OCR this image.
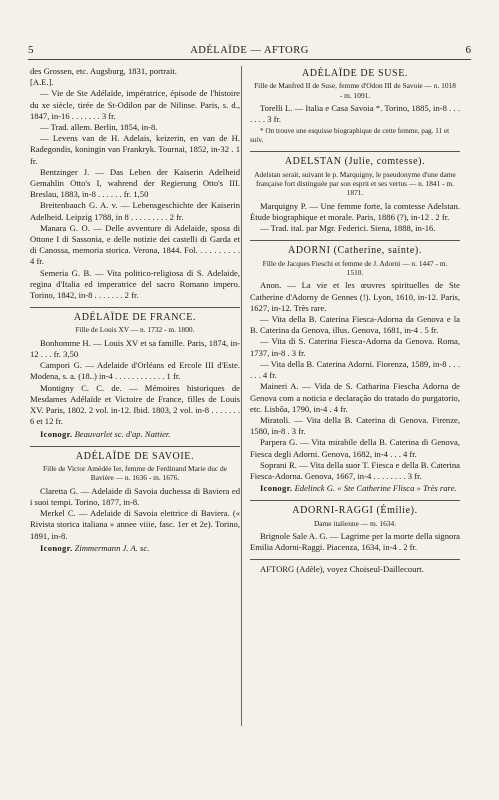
5	ADÉLAÏDE — AFTORG	6

des Grossen, etc. Augsburg, 1831, portrait.

[A.E.].

— Vie de Ste Adélaïde, impératrice, épisode de l'histoire du xe siècle, tirée de St-Odilon par de Nilinse. Paris, s. d., 1847, in-16 . . . . . . . 3 fr.

— Trad. allem. Berlin, 1854, in-8.

— Levens van de H. Adelais, keizerin, en van de H. Radegondis, koningin van Frankryk. Tournai, 1852, in-32 . 1 fr.

Bentzinger J. — Das Leben der Kaiserin Adelheid Gemahlin Otto's I, wahrend der Regierung Otto's III. Breslau, 1883, in-8 . . . . . . fr. 1,50

Breitenbauch G. A. v. — Lebensgeschichte der Kaiserin Adelheid. Leipzig 1788, in 8 . . . . . . . . . 2 fr.

Manara G. O. — Delle avventure di Adelaide, sposa di Ottone I di Sassonia, e delle notizie dei castelli di Garda et di Canossa, memoria storica. Verona, 1844. Fol. . . . . . . . . . 4 fr.

Semeria G. B. — Vita politico-religiosa di S. Adelaide, regina d'Italia ed imperatrice del sacro Romano impero. Torino, 1842, in-8 . . . . . . . 2 fr.

ADÉLAÏDE DE FRANCE.
Fille de Louis XV — n. 1732 - m. 1800.

Bonhomme H. — Louis XV et sa famille. Paris, 1874, in-12 . . . fr. 3,50

Campori G. — Adelaide d'Orléans ed Ercole III d'Este. Modena, s. a. (18..) in-4 . . . . . . . . . . . . 1 fr.

Montigny C. C. de. — Mémoires historiques de Mesdames Adélaïde et Victoire de France, filles de Louis XV. Paris, 1802. 2 vol. in-12. Ibid. 1803, 2 vol. in-8 . . . . . . . 6 et 12 fr.

Iconogr. Beauvarlet sc. d'ap. Nattier.

ADÉLAÏDE DE SAVOIE.
Fille de Victor Amédée Ier, femme de Ferdinand Marie duc de Bavière — n. 1636 - m. 1676.

Claretta G. — Adelaide di Savoia duchessa di Baviera ed i suoi tempi. Torino, 1877, in-8.

Merkel C. — Adelaide di Savoia elettrice di Baviera. (« Rivista storica italiana » annee viiie, fasc. 1er et 2e). Torino, 1891, in-8.

Iconogr. Zimmermann J. A. sc.

ADÉLAÏDE DE SUSE.
Fille de Manfred II de Suse, femme d'Odon III de Savoie — n. 1018 - m. 1091.

Torelli L. — Italia e Casa Savoia *. Torino, 1885, in-8 . . . . . . . 3 fr.

* On trouve une esquisse biographique de cette femme, pag. 11 et suiv.

ADELSTAN (Julie, comtesse).
Adelstan serait, suivant le p. Marquigny, le pseudonyme d'une dame française fort distinguée par son esprit et ses vertus — n. 1841 - m. 1871.

Marquigny P. — Une femme forte, la comtesse Adelstan. Étude biographique et morale. Paris, 1886 (?), in-12 . 2 fr.

— Trad. ital. par Mgr. Federici. Siena, 1888, in-16.

ADORNI (Catherine, sainte).
Fille de Jacques Fieschi et femme de J. Adorni — n. 1447 - m. 1510.

Anon. — La vie et les œuvres spirituelles de Ste Catherine d'Adorny de Gennes (!). Lyon, 1610, in-12. Paris, 1627, in-12. Très rare.

— Vita della B. Caterina Fiesca-Adorna da Genova e la B. Caterina da Genova, illus. Genova, 1681, in-4 . 5 fr.

— Vita di S. Caterina Fiesca-Adorna da Genova. Roma, 1737, in-8 . 3 fr.

— Vita della B. Caterina Adorni. Fiorenza, 1589, in-8 . . . . . . 4 fr.

Maineri A. — Vida de S. Catharina Fiescha Adorna de Genova com a noticia e declaração do tratado do purgatorio, etc. Lisbôa, 1790, in-4 . 4 fr.

Miratoli. — Vita della B. Caterina di Genova. Firenze, 1580, in-8 . 3 fr.

Parpera G. — Vita mirabile della B. Caterina di Genova, Fiesca degli Adorni. Genova, 1682, in-4 . . . 4 fr.

Soprani R. — Vita della suor T. Fiesca e della B. Caterina Fiesca-Adorna. Genova, 1667, in-4 . . . . . . . . 3 fr.

Iconogr. Edelinck G. « Ste Catherine Flisca » Très rare.

ADORNI-RAGGI (Émilie).
Dame italienne — m. 1634.

Brignole Sale A. G. — Lagrime per la morte della signora Emilia Adorni-Raggi. Piacenza, 1634, in-4 . 2 fr.

AFTORG (Adèle), voyez Choiseul-Daillecourt.
